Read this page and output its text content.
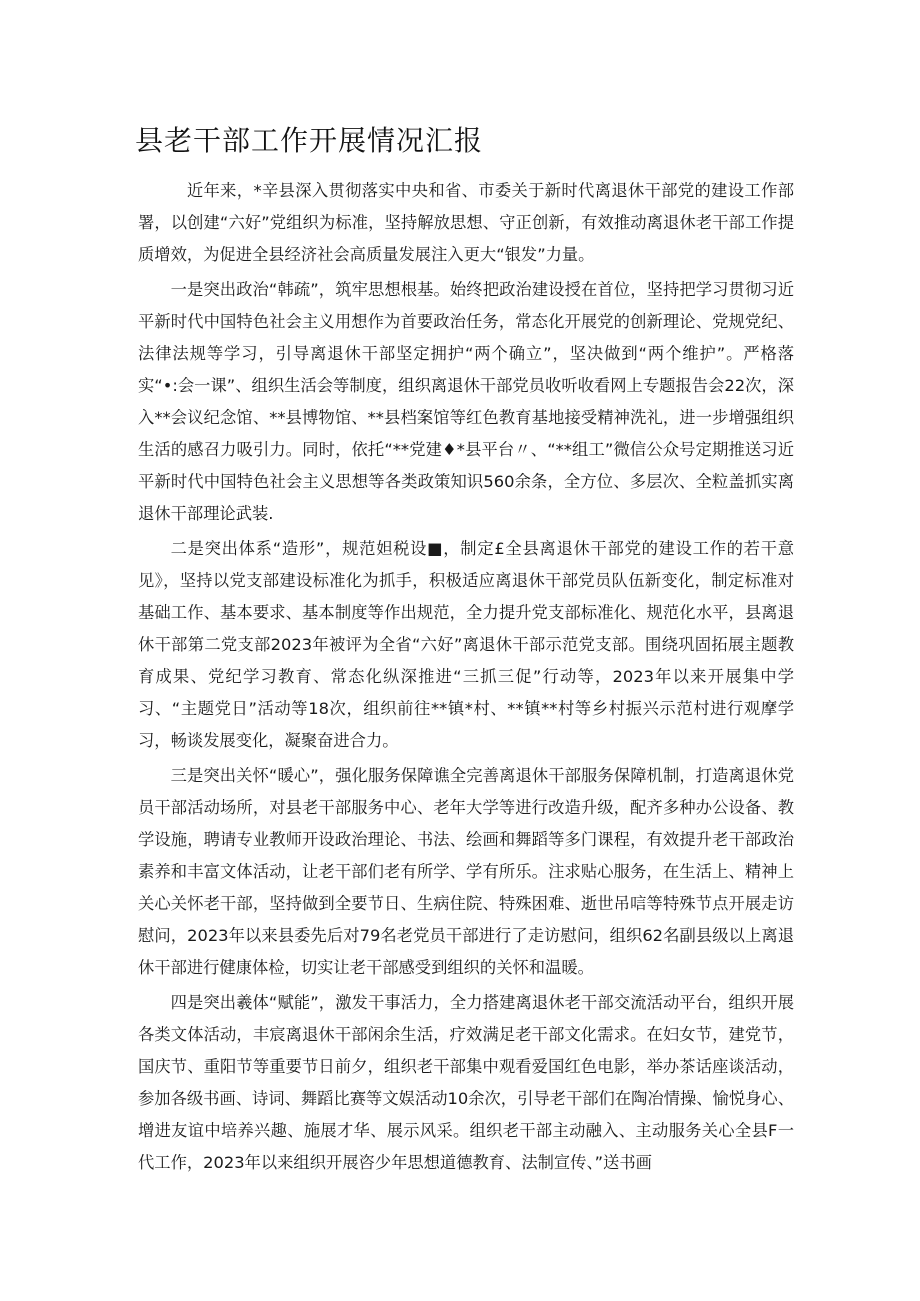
县老干部工作开展情况汇报

近年来，*辛县深入贯彻落实中央和省、市委关于新时代离退休干部党的建设工作部署，以创建“六好”党组织为标准，坚持解放思想、守正创新，有效推动离退休老干部工作提质增效，为促进全县经济社会高质量发展注入更大“银发”力量。

一是突出政治“韩疏”，筑牢思想根基。始终把政治建设授在首位，坚持把学习贯彻习近平新时代中国特色社会主义用想作为首要政治任务，常态化开展党的创新理论、党规党纪、法律法规等学习，引导离退休干部坚定拥护“两个确立”，坚决做到“两个维护”。严格落实“•:会一课”、组织生活会等制度，组织离退休干部党员收听收看网上专题报告会22次，深入**会议纪念馆、**县博物馆、**县档案馆等红色教育基地接受精神洗礼，进一步增强组织生活的感召力吸引力。同时，依托“**党建♦*县平台〃、“**组工”微信公众号定期推送习近平新时代中国特色社会主义思想等各类政策知识560余条，全方位、多层次、全粒盖抓实离退休干部理论武装.

二是突出体系“造形”，规范妲税设■，制定£全县离退休干部党的建设工作的若干意见》，坚持以党支部建设标准化为抓手，积极适应离退休干部党员队伍新变化，制定标准对基础工作、基本要求、基本制度等作出规范，全力提升党支部标准化、规范化水平，县离退休干部第二党支部2023年被评为全省“六好”离退休干部示范党支部。围绕巩固拓展主题教育成果、党纪学习教育、常态化纵深推进“三抓三促”行动等，2023年以来开展集中学习、“主题党日”活动等18次，组织前往**镇*村、**镇**村等乡村振兴示范村进行观摩学习，畅谈发展变化，凝聚奋进合力。

三是突出关怀“暖心”，强化服务保障谯全完善离退休干部服务保障机制，打造离退休党员干部活动场所，对县老干部服务中心、老年大学等进行改造升级，配齐多种办公设备、教学设施，聘请专业教师开设政治理论、书法、绘画和舞蹈等多门课程，有效提升老干部政治素养和丰富文体活动，让老干部们老有所学、学有所乐。注求贴心服务，在生活上、精神上关心关怀老干部，坚持做到全要节日、生病住院、特殊困难、逝世吊唁等特殊节点开展走访慰问，2023年以来县委先后对79名老党员干部进行了走访慰问，组织62名副县级以上离退休干部进行健康体检，切实让老干部感受到组织的关怀和温暖。

四是突出羲体“赋能”，激发干事活力，全力搭建离退休老干部交流活动平台，组织开展各类文体活动，丰宸离退休干部闲余生活，疗效满足老干部文化需求。在妇女节，建党节，国庆节、重阳节等重要节日前夕，组织老干部集中观看爱国红色电影，举办茶话座谈活动，参加各级书画、诗词、舞蹈比赛等文娱活动10余次，引导老干部们在陶冶情操、愉悦身心、增进友谊中培养兴趣、施展才华、展示风采。组织老干部主动融入、主动服务关心全县F一代工作，2023年以来组织开展咨少年思想道德教育、法制宣传、”送书画
